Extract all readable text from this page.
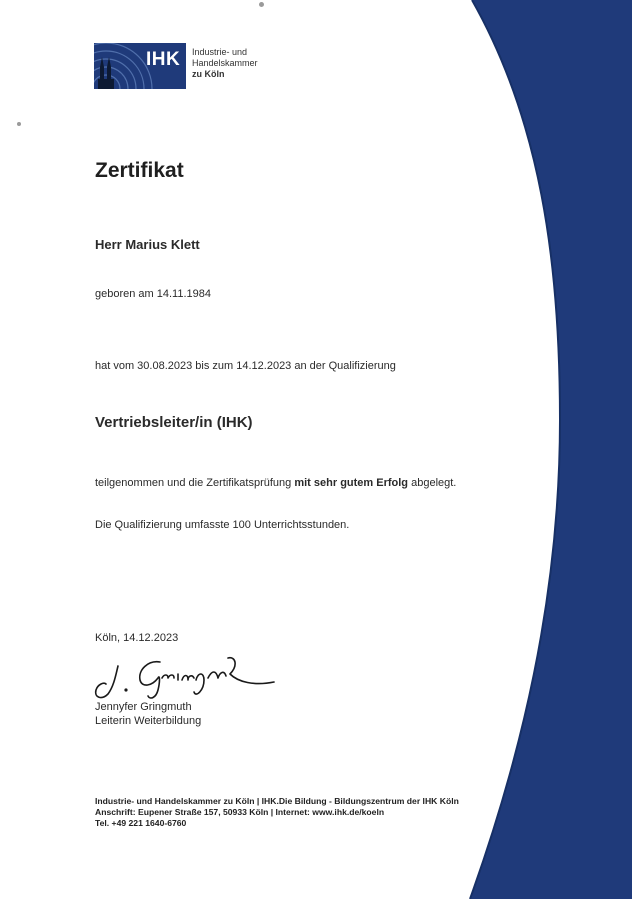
IHK Industrie- und Handelskammer
zu Köln
Zertifikat
Herr Marius Klett
geboren am 14.11.1984
hat vom 30.08.2023 bis zum 14.12.2023 an der Qualifizierung
Vertriebsleiter/in (IHK)
teilgenommen und die Zertifikatsprüfung mit sehr gutem Erfolg abgelegt.
Die Qualifizierung umfasste 100 Unterrichtsstunden.
Köln, 14.12.2023
Jennyfer Gringmuth
Leiterin Weiterbildung
Industrie- und Handelskammer zu Köln | IHK.Die Bildung - Bildungszentrum der IHK Köln
Anschrift: Eupener Straße 157, 50933 Köln | Internet: www.ihk.de/koeln
Tel. +49 221 1640-6760
